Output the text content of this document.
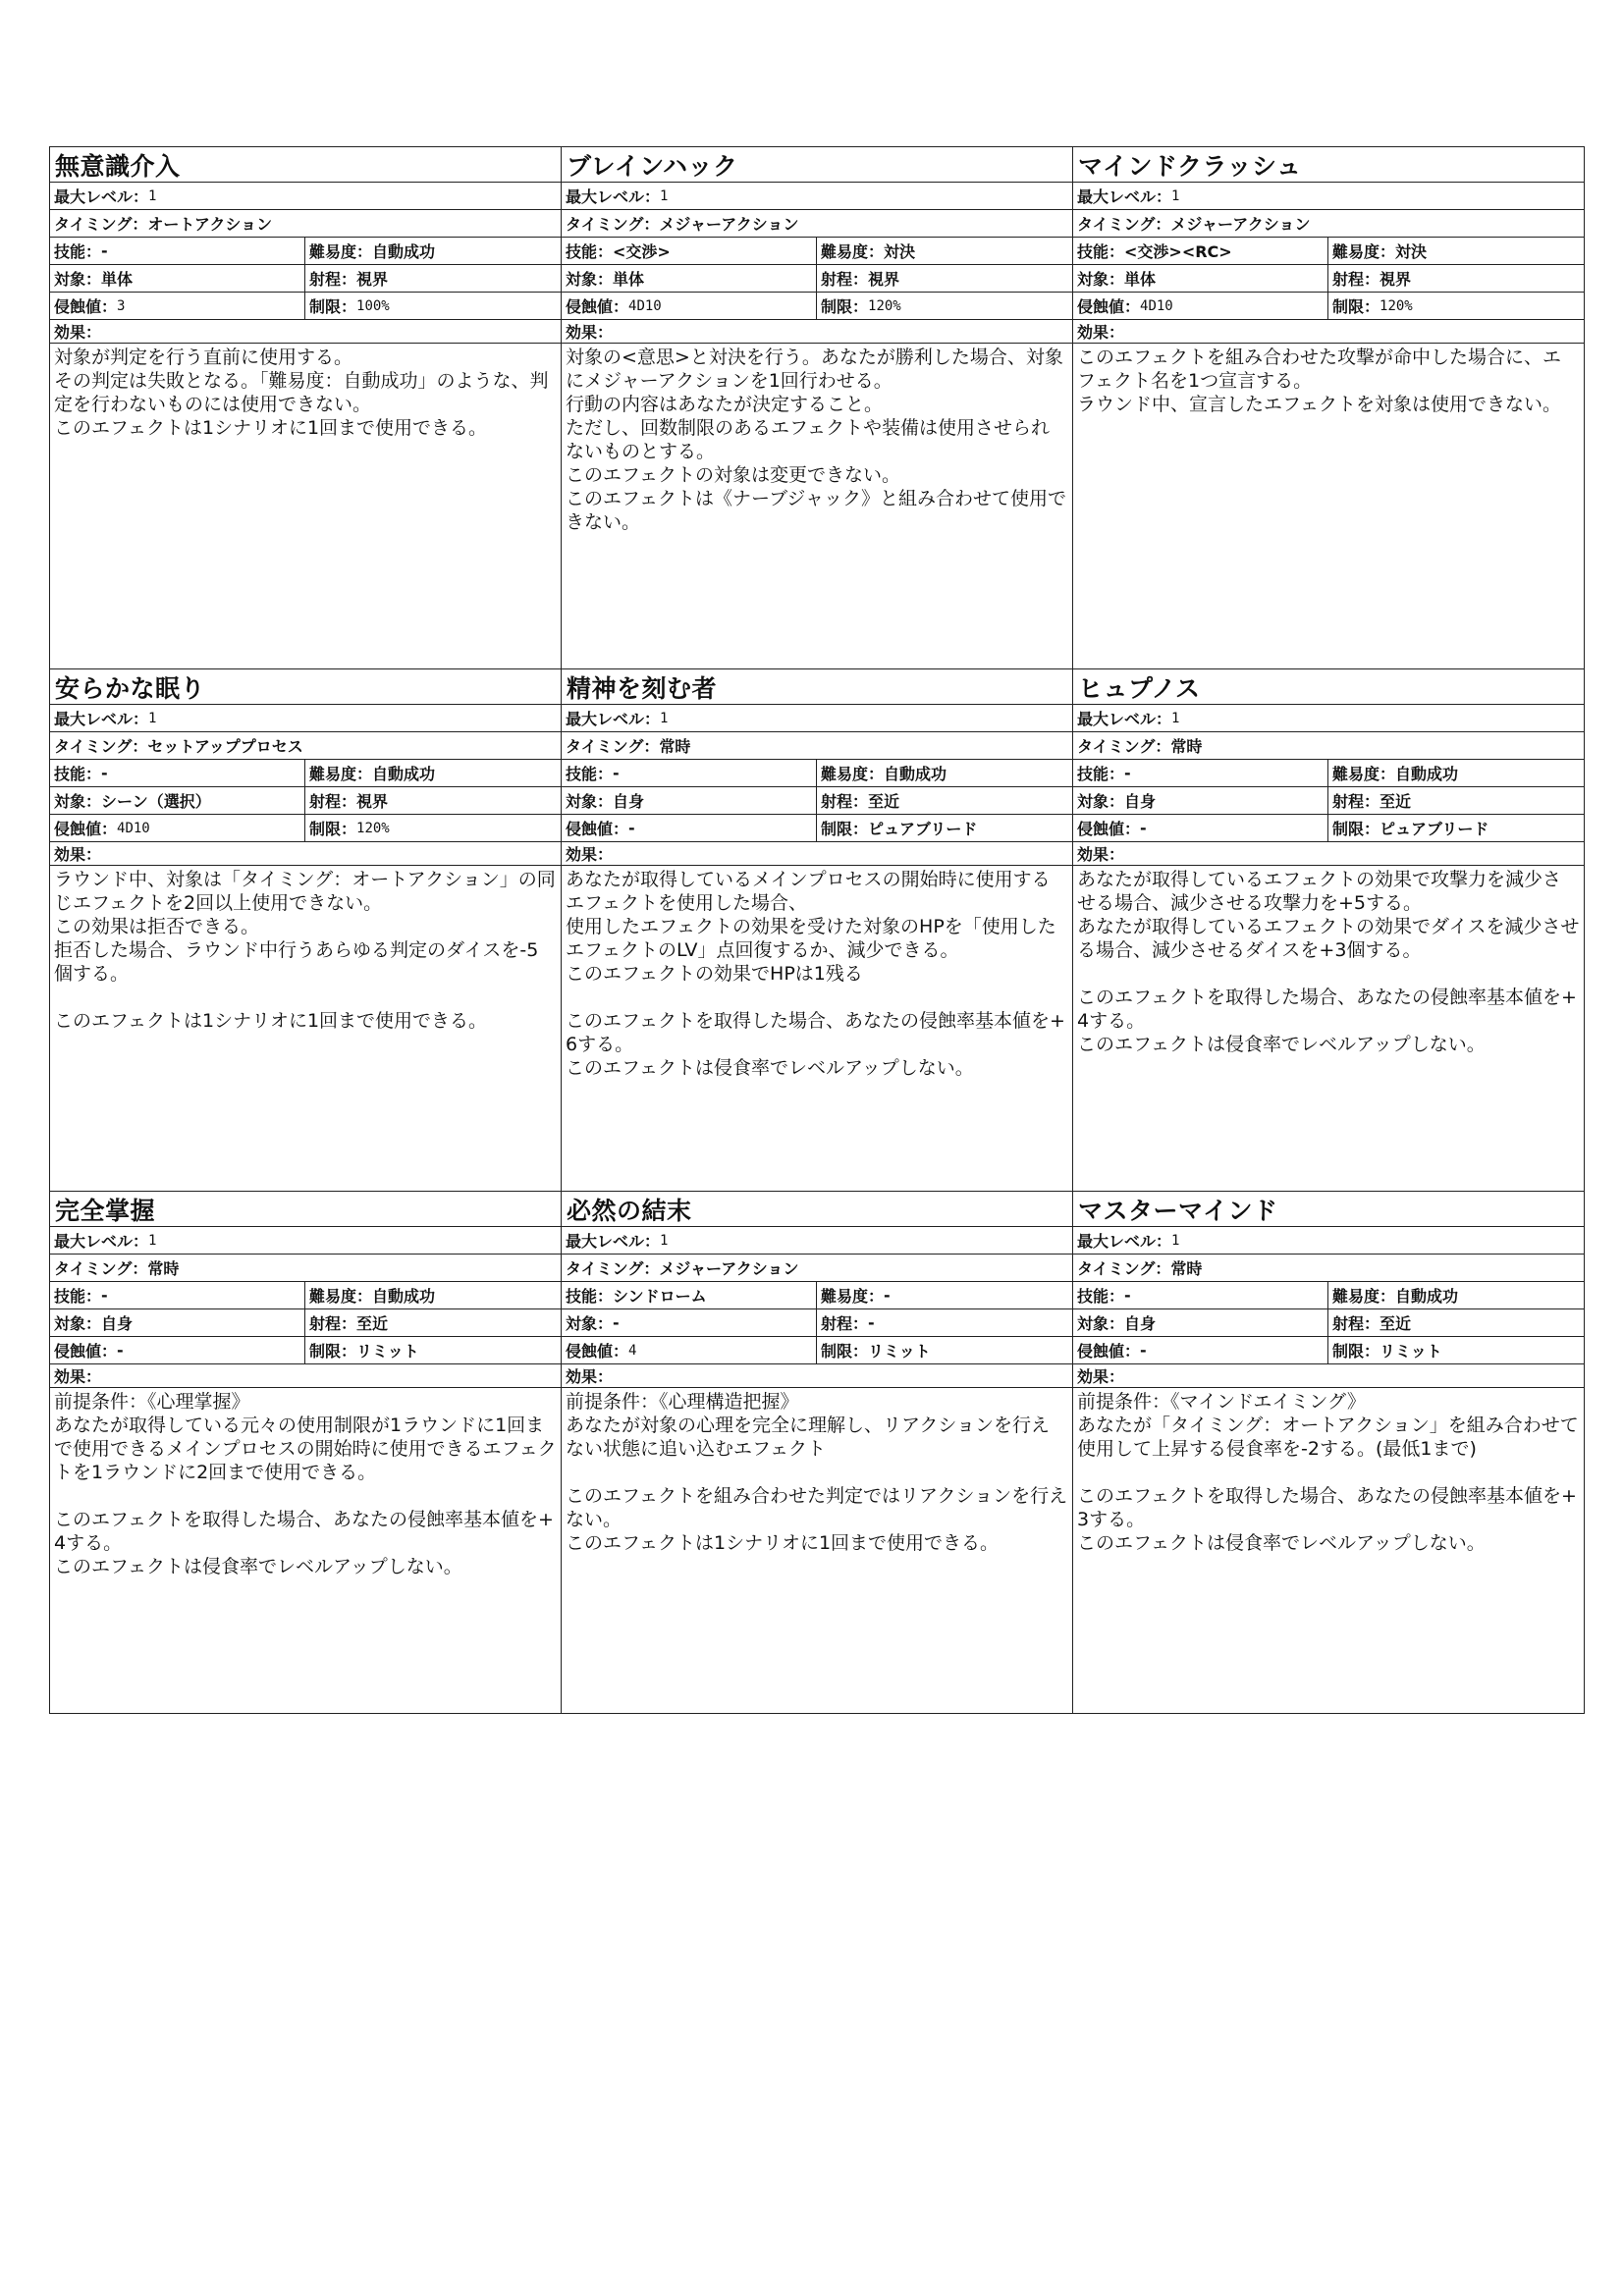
無意識介入
最大レベル： 1
タイミング： オートアクション
技能： -	難易度： 自動成功
対象： 単体	射程： 視界
侵蝕値： 3	制限： 100%
効果：
対象が判定を行う直前に使用する。
その判定は失敗となる。「難易度：自動成功」のような、判定を行わないものには使用できない。
このエフェクトは1シナリオに1回まで使用できる。
ブレインハック
最大レベル： 1
タイミング： メジャーアクション
技能： <交渉>	難易度： 対決
対象： 単体	射程： 視界
侵蝕値： 4D10	制限： 120%
効果：
対象の<意思>と対決を行う。あなたが勝利した場合、対象にメジャーアクションを1回行わせる。
行動の内容はあなたが決定すること。
ただし、回数制限のあるエフェクトや装備は使用させられないものとする。
このエフェクトの対象は変更できない。
このエフェクトは《ナーブジャック》と組み合わせて使用できない。
マインドクラッシュ
最大レベル： 1
タイミング： メジャーアクション
技能： <交渉><RC>	難易度： 対決
対象： 単体	射程： 視界
侵蝕値： 4D10	制限： 120%
効果：
このエフェクトを組み合わせた攻撃が命中した場合に、エフェクト名を1つ宣言する。
ラウンド中、宣言したエフェクトを対象は使用できない。
安らかな眠り
最大レベル： 1
タイミング： セットアッププロセス
技能： -	難易度： 自動成功
対象： シーン（選択）	射程： 視界
侵蝕値： 4D10	制限： 120%
効果：
ラウンド中、対象は「タイミング：オートアクション」の同じエフェクトを2回以上使用できない。
この効果は拒否できる。
拒否した場合、ラウンド中行うあらゆる判定のダイスを-5個する。

このエフェクトは1シナリオに1回まで使用できる。
精神を刻む者
最大レベル： 1
タイミング： 常時
技能： -	難易度： 自動成功
対象： 自身	射程： 至近
侵蝕値： -	制限： ピュアブリード
効果：
あなたが取得しているメインプロセスの開始時に使用するエフェクトを使用した場合、
使用したエフェクトの効果を受けた対象のHPを「使用したエフェクトのLV」点回復するか、減少できる。
このエフェクトの効果でHPは1残る

このエフェクトを取得した場合、あなたの侵蝕率基本値を+6する。
このエフェクトは侵食率でレベルアップしない。
ヒュプノス
最大レベル： 1
タイミング： 常時
技能： -	難易度： 自動成功
対象： 自身	射程： 至近
侵蝕値： -	制限： ピュアブリード
効果：
あなたが取得しているエフェクトの効果で攻撃力を減少させる場合、減少させる攻撃力を+5する。
あなたが取得しているエフェクトの効果でダイスを減少させる場合、減少させるダイスを+3個する。

このエフェクトを取得した場合、あなたの侵蝕率基本値を+4する。
このエフェクトは侵食率でレベルアップしない。
完全掌握
最大レベル： 1
タイミング： 常時
技能： -	難易度： 自動成功
対象： 自身	射程： 至近
侵蝕値： -	制限： リミット
効果：
前提条件：《心理掌握》
あなたが取得している元々の使用制限が1ラウンドに1回まで使用できるメインプロセスの開始時に使用できるエフェクトを1ラウンドに2回まで使用できる。

このエフェクトを取得した場合、あなたの侵蝕率基本値を+4する。
このエフェクトは侵食率でレベルアップしない。
必然の結末
最大レベル： 1
タイミング： メジャーアクション
技能： シンドローム	難易度： -
対象： -	射程： -
侵蝕値： 4	制限： リミット
効果：
前提条件：《心理構造把握》
あなたが対象の心理を完全に理解し、リアクションを行えない状態に追い込むエフェクト

このエフェクトを組み合わせた判定ではリアクションを行えない。
このエフェクトは1シナリオに1回まで使用できる。
マスターマインド
最大レベル： 1
タイミング： 常時
技能： -	難易度： 自動成功
対象： 自身	射程： 至近
侵蝕値： -	制限： リミット
効果：
前提条件：《マインドエイミング》
あなたが「タイミング：オートアクション」を組み合わせて使用して上昇する侵食率を-2する。(最低1まで)

このエフェクトを取得した場合、あなたの侵蝕率基本値を+3する。
このエフェクトは侵食率でレベルアップしない。
